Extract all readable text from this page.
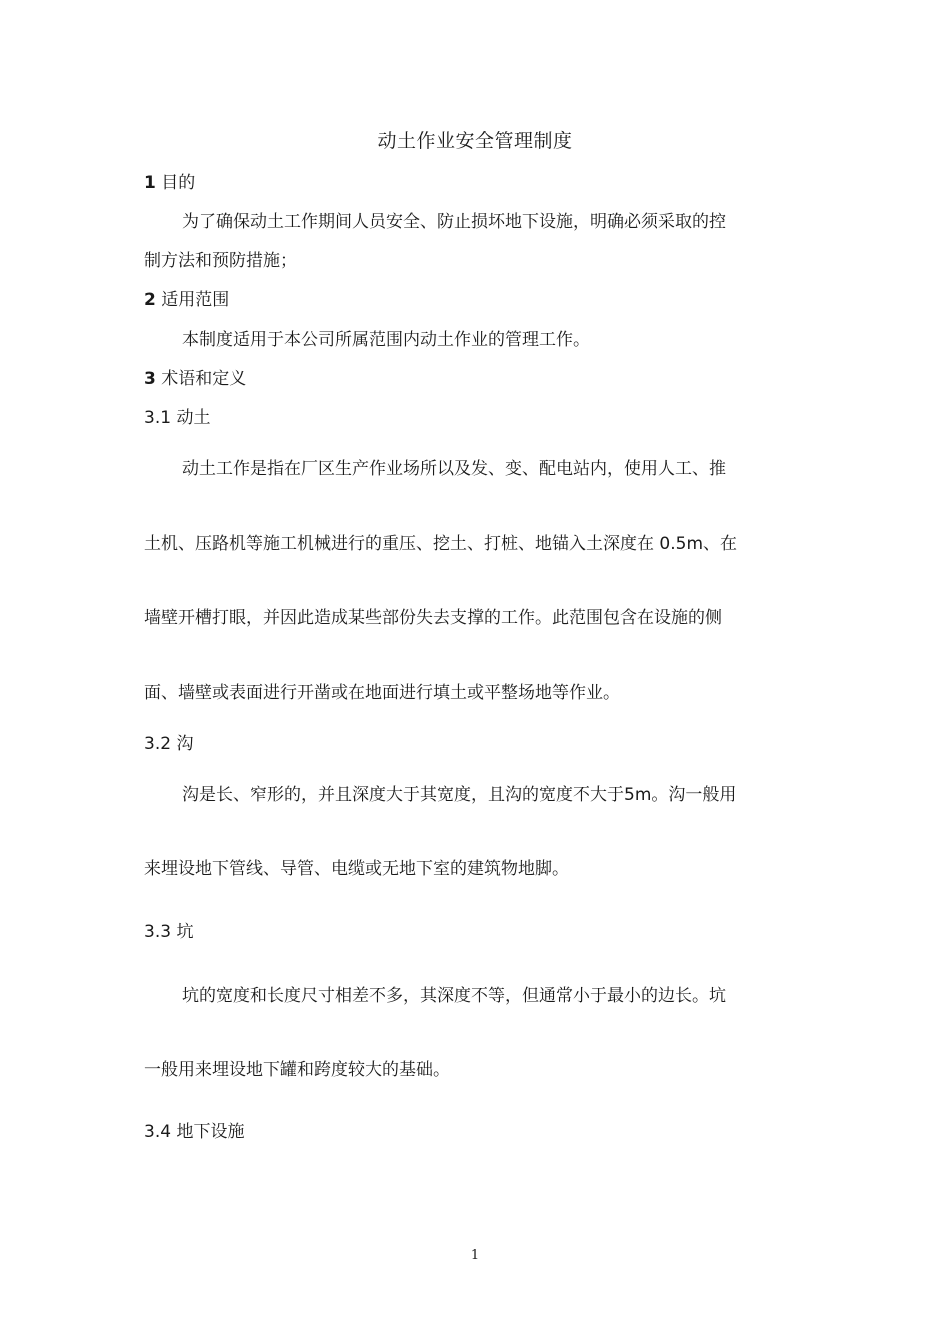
动土作业安全管理制度
1 目的
为了确保动土工作期间人员安全、防止损坏地下设施，明确必须采取的控
制方法和预防措施；
2 适用范围
本制度适用于本公司所属范围内动土作业的管理工作。
3 术语和定义
3.1 动土
动土工作是指在厂区生产作业场所以及发、变、配电站内，使用人工、推
土机、压路机等施工机械进行的重压、挖土、打桩、地锚入土深度在 0.5m、在
墙壁开槽打眼，并因此造成某些部份失去支撑的工作。此范围包含在设施的侧
面、墙壁或表面进行开凿或在地面进行填土或平整场地等作业。
3.2 沟
沟是长、窄形的，并且深度大于其宽度，且沟的宽度不大于5m。沟一般用
来埋设地下管线、导管、电缆或无地下室的建筑物地脚。
3.3 坑
坑的宽度和长度尺寸相差不多，其深度不等，但通常小于最小的边长。坑
一般用来埋设地下罐和跨度较大的基础。
3.4 地下设施
1
